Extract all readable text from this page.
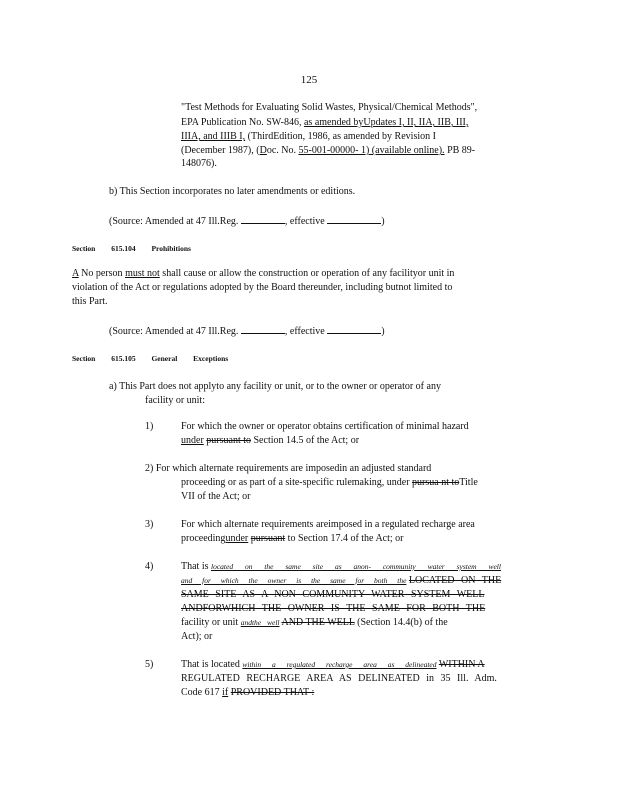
125
"Test Methods for Evaluating Solid Wastes, Physical/Chemical Methods",
EPA Publication No. SW-846, as amended byUpdates I, II, IIA, IIB, III,
IIIA, and IIIB I, (ThirdEdition, 1986, as amended by Revision I
(December 1987), (Doc. No. 55-001-00000- 1) (available online). PB 89-
148076).
b) This Section incorporates no later amendments or editions.
(Source: Amended at 47 Ill.Reg.	, effective	)
Section 615.104 Prohibitions
A No person must not shall cause or allow the construction or operation of any facilityor unit in
violation of the Act or regulations adopted by the Board thereunder, including butnot limited to
this Part.
(Source: Amended at 47 Ill.Reg.	, effective	)
Section 615.105 General Exceptions
a) This Part does not applyto any facility or unit, or to the owner or operator of any
facility or unit:
1)	For which the owner or operator obtains certification of minimal hazard
under pursuant to Section 14.5 of the Act; or
2) For which alternate requirements are imposedin an adjusted standard
proceeding or as part of a site-specific rulemaking, under pursua nt toTitle
VII of the Act; or
3)	For which alternate requirements areimposed in a regulated recharge area
proceedingunder pursuant to Section 17.4 of the Act; or
4)	That is located on the same site as anon- community water system well
and for which the owner is the same for both the LOCATED ON THE
SAME SITE AS A NON COMMUNITY WATER SYSTEM WELL
ANDFORWHICH THE OWNER IS THE SAME FOR BOTH THE
facility or unit andthe well AND THE WELL (Section 14.4(b) of the
Act); or
5)	That is located within a regulated recharge area as delineated WITHIN A
REGULATED RECHARGE AREA AS DELINEATED in 35 Ill. Adm.
Code 617 if PROVIDED THAT :
